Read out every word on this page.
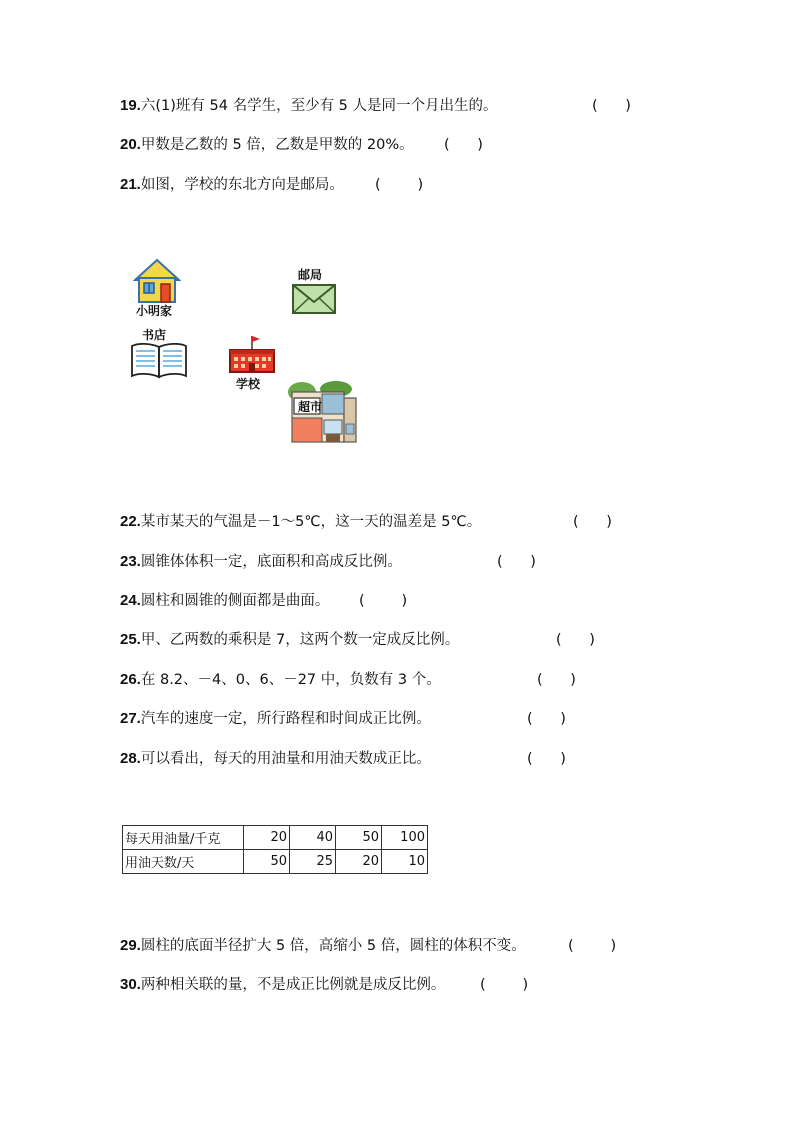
19.六(1)班有 54 名学生，至少有 5 人是同一个月出生的。	(      )
20.甲数是乙数的 5 倍，乙数是甲数的 20%。 (      )
21.如图，学校的东北方向是邮局。 (        )
小明家
邮局
书店
学校
超市
22.某市某天的气温是－1～5℃，这一天的温差是 5℃。	(      )
23.圆锥体体积一定，底面积和高成反比例。	(      )
24.圆柱和圆锥的侧面都是曲面。 (        )
25.甲、乙两数的乘积是 7，这两个数一定成反比例。	(      )
26.在 8.2、－4、0、6、－27 中，负数有 3 个。	(      )
27.汽车的速度一定，所行路程和时间成正比例。	(      )
28.可以看出，每天的用油量和用油天数成正比。	(      )
每天用油量/千克	20	40	50	100
用油天数/天	50	25	20	10
29.圆柱的底面半径扩大 5 倍，高缩小 5 倍，圆柱的体积不变。	(        )
30.两种相关联的量，不是成正比例就是成反比例。 (        )
